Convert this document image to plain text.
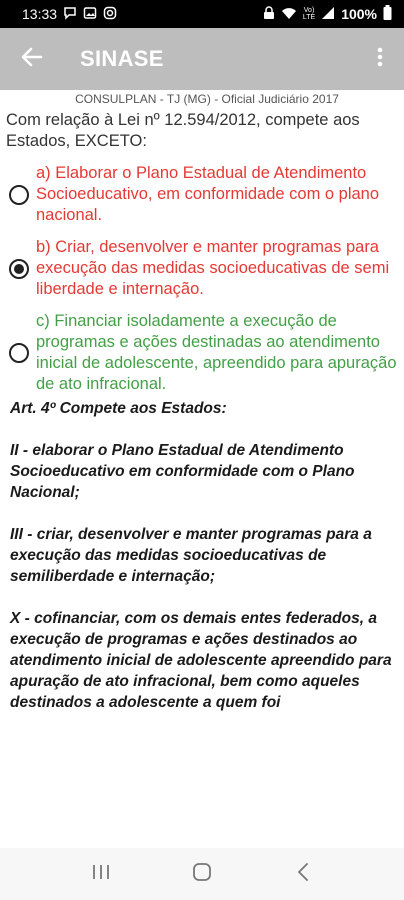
13:33	Vo)
LTE 100%
SINASE
CONSULPLAN - TJ (MG) - Oficial Judiciário 2017
Com relação à Lei nº 12.594/2012, compete aos Estados, EXCETO:
a) Elaborar o Plano Estadual de Atendimento Socioeducativo, em conformidade com o plano nacional.
b) Criar, desenvolver e manter programas para execução das medidas socioeducativas de semi liberdade e internação.
c) Financiar isoladamente a execução de programas e ações destinadas ao atendimento inicial de adolescente, apreendido para apuração de ato infracional.

Art. 4º Compete aos Estados:

II - elaborar o Plano Estadual de Atendimento Socioeducativo em conformidade com o Plano Nacional;

III - criar, desenvolver e manter programas para a execução das medidas socioeducativas de semiliberdade e internação;

X - cofinanciar, com os demais entes federados, a execução de programas e ações destinados ao atendimento inicial de adolescente apreendido para apuração de ato infracional, bem como aqueles destinados a adolescente a quem foi
